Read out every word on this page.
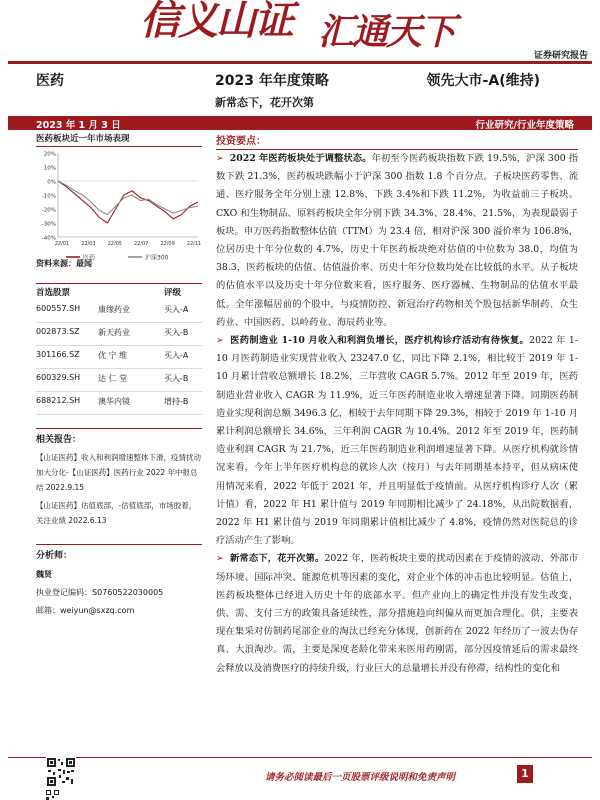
信义山证 汇通天下
证券研究报告
医药	2023 年年度策略	领先大市-A(维持)
新常态下，花开次第
2023 年 1 月 3 日	行业研究/行业年度策略
医药板块近一年市场表现
20%
10%
0%
-10%
-20%
-30%
-40%
22/01 22/03 22/05 22/07 22/09 22/11
医药	沪深300
资料来源：最闻
首选股票	评级
600557.SH 康缘药业	买入-A
002873.SZ 新天药业	买入-B
301166.SZ 优 宁 维	买入-A
600329.SH 达 仁 堂	买入-B
688212.SH 澳华内镜	增持-B
相关报告：

【山证医药】收入和利润增速整体下滑，疫情扰动加大分化-【山证医药】医药行业 2022 年中报总结 2022.9.15

【山证医药】估值底部，-估值底部，市场胶着，关注业绩 2022.6.13

分析师：
魏贤
执业登记编码：S0760522030005
邮箱：weiyun@sxzq.com
投资要点：

➢ 2022 年医药板块处于调整状态。年初至今医药板块指数下跌 19.5%，沪深 300 指数下跌 21.3%，医药板块跌幅小于沪深 300 指数 1.8 个百分点。子板块医药零售、流通、医疗服务全年分别上涨 12.8%、下跌 3.4%和下跌 11.2%，为收益前三子板块。CXO 和生物制品、原料药板块全年分别下跌 34.3%、28.4%、21.5%，为表现最弱子板块。申万医药指数整体估值（TTM）为 23.4 倍，相对沪深 300 溢价率为 106.8%，位居历史十年分位数的 4.7%，历史十年医药板块绝对估值的中位数为 38.0，均值为 38.3，医药板块的估值、估值溢价率、历史十年分位数均处在比较低的水平。从子板块的估值水平以及历史十年分位数来看，医疗服务、医疗器械、生物制品的估值水平最低。全年涨幅居前的个股中，与疫情防控、新冠治疗药物相关个股包括新华制药、众生药业、中国医药、以岭药业、海辰药业等。

➢ 医药制造业 1-10 月收入和利润负增长，医疗机构诊疗活动有待恢复。2022 年 1-10 月医药制造业实现营业收入 23247.0 亿，同比下降 2.1%，相比较于 2019 年 1-10 月累计营收总额增长 18.2%，三年营收 CAGR 5.7%。2012 年至 2019 年，医药制造业营业收入 CAGR 为 11.9%，近三年医药制造业收入增速显著下降。同期医药制造业实现利润总额 3496.3 亿，相较于去年同期下降 29.3%，相较于 2019 年 1-10 月累计利润总额增长 34.6%，三年利润 CAGR 为 10.4%。2012 年至 2019 年，医药制造业利润 CAGR 为 21.7%，近三年医药制造业利润增速显著下降。从医疗机构就诊情况来看，今年上半年医疗机构总的就诊人次（按月）与去年同期基本持平，但从病床使用情况来看，2022 年低于 2021 年，并且明显低于疫情前。从医疗机构诊疗人次（累计值）看，2022 年 H1 累计值与 2019 年同期相比减少了 24.18%，从出院数据看，2022 年 H1 累计值与 2019 年同期累计值相比减少了 4.8%，疫情仍然对医院总的诊疗活动产生了影响。

➢ 新常态下，花开次第。2022 年，医药板块主要的扰动因素在于疫情的波动、外部市场环境、国际冲突、能源危机等因素的变化，对企业个体的冲击也比较明显。估值上，医药板块整体已经进入历史十年的底部水平。但产业向上的确定性并没有发生改变，供、需、支付三方的政策具备延续性，部分措施趋向纠偏从而更加合理化。供，主要表现在集采对仿制药尾部企业的淘汰已经充分体现，创新药在 2022 年经历了一波去伪存真、大浪淘沙。需，主要是深度老龄化带来来医用药刚需，部分因疫情延后的需求最终会释放以及消费医疗的持续升级，行业巨大的总量增长并没有停滞，结构性的变化和

请务必阅读最后一页股票评级说明和免责声明	1
